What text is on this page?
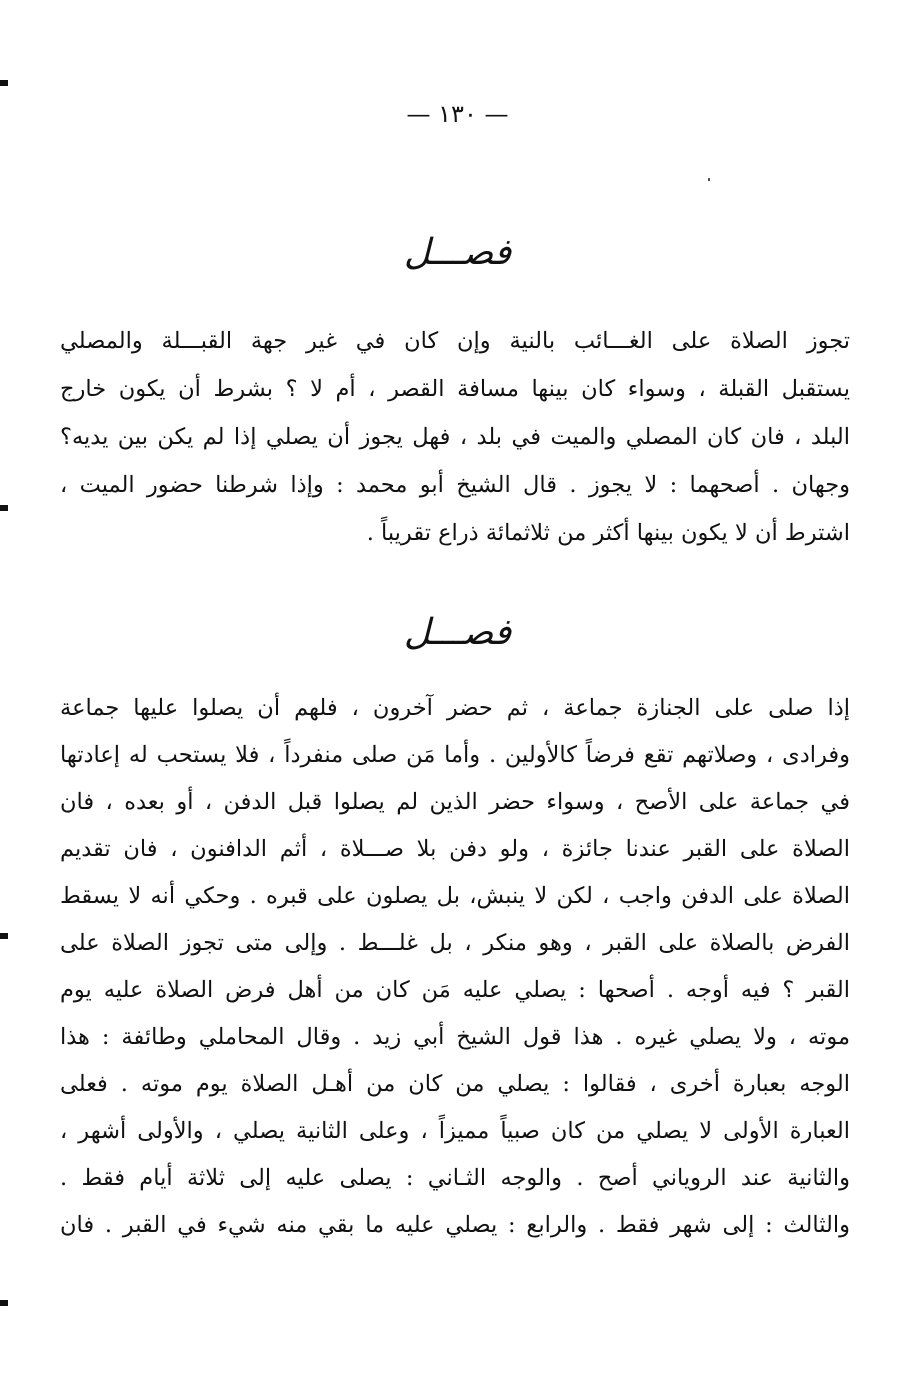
— ١٣٠ —
فصـــل
تجوز الصلاة على الغـــائب بالنية وإن كان في غير جهة القبـــلة والمصلي
يستقبل القبلة ، وسواء كان بينها مسافة القصر ، أم لا ؟ بشرط أن يكون خارج
البلد ، فان كان المصلي والميت في بلد ، فهل يجوز أن يصلي إذا لم يكن بين يديه؟
وجهان . أصحهما : لا يجوز . قال الشيخ أبو محمد : وإذا شرطنا حضور الميت ،
اشترط أن لا يكون بينها أكثر من ثلاثمائة ذراع تقريباً .
فصـــل
إذا صلى على الجنازة جماعة ، ثم حضر آخرون ، فلهم أن يصلوا عليها جماعة
وفرادى ، وصلاتهم تقع فرضاً كالأولين . وأما مَن صلى منفرداً ، فلا يستحب له إعادتها
في جماعة على الأصح ، وسواء حضر الذين لم يصلوا قبل الدفن ، أو بعده ، فان
الصلاة على القبر عندنا جائزة ، ولو دفن بلا صـــلاة ، أثم الدافنون ، فان تقديم
الصلاة على الدفن واجب ، لكن لا ينبش، بل يصلون على قبره . وحكي أنه لا يسقط
الفرض بالصلاة على القبر ، وهو منكر ، بل غلـــط . وإلى متى تجوز الصلاة على
القبر ؟ فيه أوجه . أصحها : يصلي عليه مَن كان من أهل فرض الصلاة عليه يوم
موته ، ولا يصلي غيره . هذا قول الشيخ أبي زيد . وقال المحاملي وطائفة : هذا
الوجه بعبارة أخرى ، فقالوا : يصلي من كان من أهـل الصلاة يوم موته . فعلى
العبارة الأولى لا يصلي من كان صبياً مميزاً ، وعلى الثانية يصلي ، والأولى أشهر ،
والثانية عند الروياني أصح . والوجه الثـاني : يصلى عليه إلى ثلاثة أيام فقط .
والثالث : إلى شهر فقط . والرابع : يصلي عليه ما بقي منه شيء في القبر . فان
